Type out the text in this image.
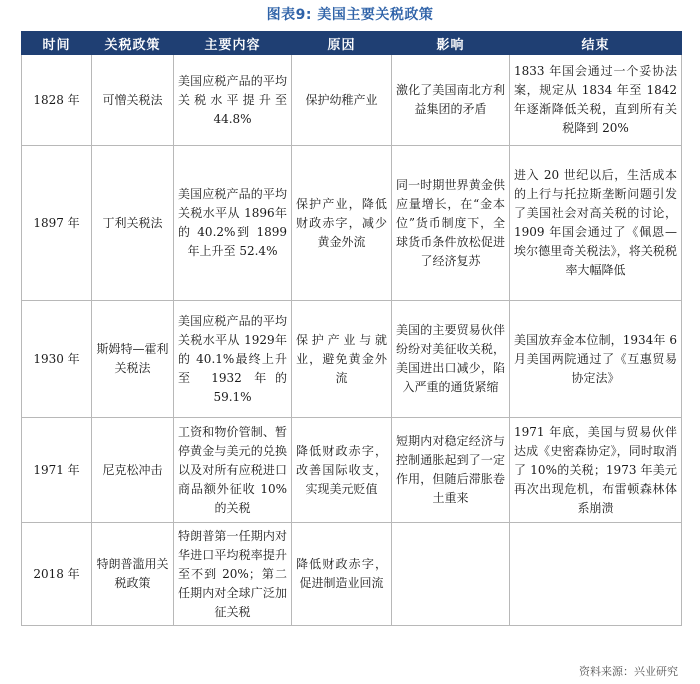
图表9: 美国主要关税政策
时间	关税政策	主要内容	原因	影响	结束
1828 年	可憎关税法	美国应税产品的平均关税水平提升至44.8%	保护幼稚产业	激化了美国南北方利益集团的矛盾	1833 年国会通过一个妥协法案，规定从 1834 年至 1842 年逐渐降低关税，直到所有关税降到 20%
1897 年	丁利关税法	美国应税产品的平均关税水平从 1896年的 40.2%到 1899年上升至 52.4%	保护产业，降低财政赤字，减少黄金外流	同一时期世界黄金供应量增长，在“金本位”货币制度下，全球货币条件放松促进了经济复苏	进入 20 世纪以后，生活成本的上行与托拉斯垄断问题引发了美国社会对高关税的讨论， 1909 年国会通过了《佩恩—埃尔德里奇关税法》，将关税税率大幅降低
1930 年	斯姆特—霍利关税法	美国应税产品的平均关税水平从 1929年的 40.1%最终上升至 1932 年的59.1%	保护产业与就业，避免黄金外流	美国的主要贸易伙伴纷纷对美征收关税，美国进出口减少，陷入严重的通货紧缩	美国放弃金本位制，1934年 6 月美国两院通过了《互惠贸易协定法》
1971 年	尼克松冲击	工资和物价管制、暂停黄金与美元的兑换以及对所有应税进口商品额外征收 10%的关税	降低财政赤字，改善国际收支，实现美元贬值	短期内对稳定经济与控制通胀起到了一定作用，但随后滞胀卷土重来	1971 年底，美国与贸易伙伴达成《史密森协定》，同时取消了 10%的关税；1973 年美元再次出现危机，布雷顿森林体系崩溃
2018 年	特朗普滥用关税政策	特朗普第一任期内对华进口平均税率提升至不到 20%；第二任期内对全球广泛加征关税	降低财政赤字，促进制造业回流		
资料来源：兴业研究
